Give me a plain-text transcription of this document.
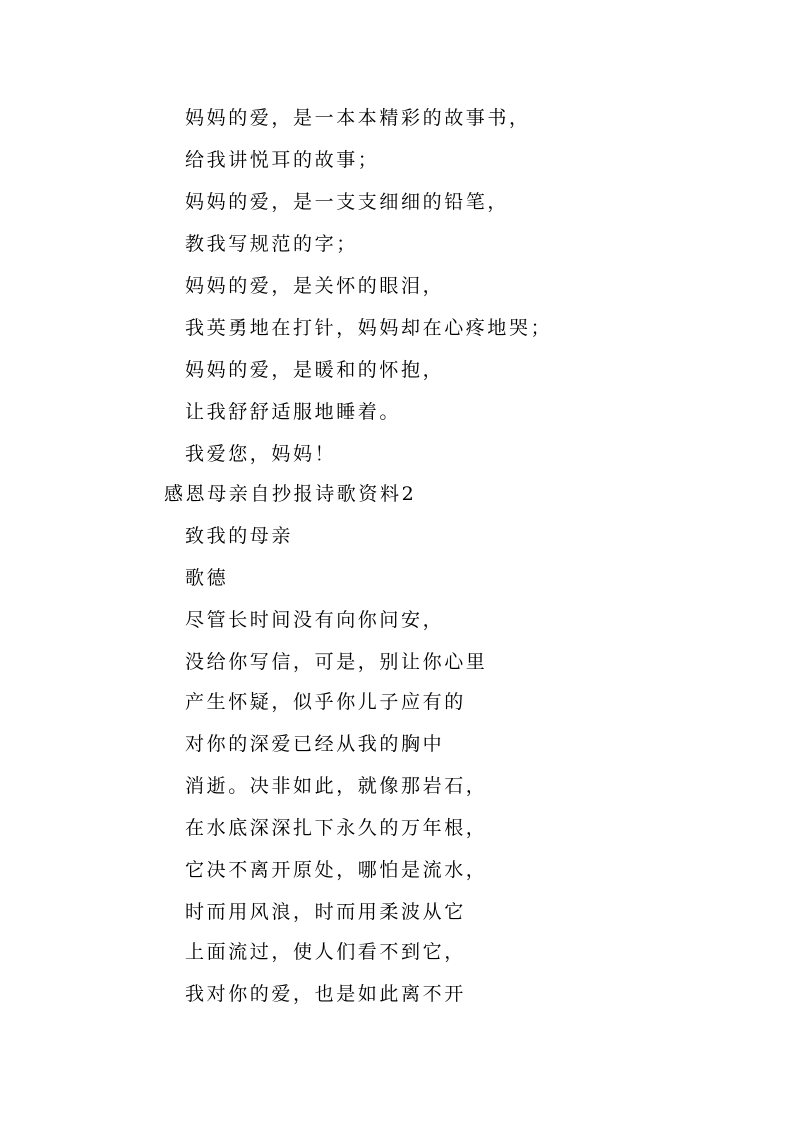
妈妈的爱，是一本本精彩的故事书，
给我讲悦耳的故事；
妈妈的爱，是一支支细细的铅笔，
教我写规范的字；
妈妈的爱，是关怀的眼泪，
我英勇地在打针，妈妈却在心疼地哭；
妈妈的爱，是暖和的怀抱，
让我舒舒适服地睡着。
我爱您，妈妈！
感恩母亲自抄报诗歌资料2
致我的母亲
歌德
尽管长时间没有向你问安，
没给你写信，可是，别让你心里
产生怀疑，似乎你儿子应有的
对你的深爱已经从我的胸中
消逝。决非如此，就像那岩石，
在水底深深扎下永久的万年根，
它决不离开原处，哪怕是流水，
时而用风浪，时而用柔波从它
上面流过，使人们看不到它，
我对你的爱，也是如此离不开
